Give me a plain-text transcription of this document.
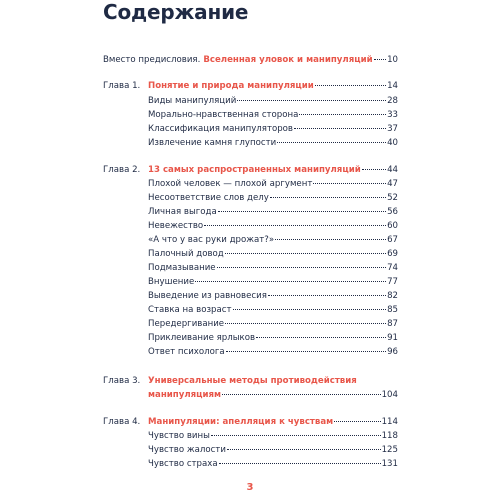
Содержание
Вместо предисловия. Вселенная уловок и манипуляций 10
Глава 1. Понятие и природа манипуляции	14
Виды манипуляций	28
Морально-нравственная сторона	33
Классификация манипуляторов	37
Извлечение камня глупости	40
Глава 2. 13 самых распространенных манипуляций	44
Плохой человек — плохой аргумент	47
Несоответствие слов делу	52
Личная выгода	56
Невежество	60
«А что у вас руки дрожат?»	67
Палочный довод	69
Подмазывание	74
Внушение	77
Выведение из равновесия	82
Ставка на возраст	85
Передергивание	87
Приклеивание ярлыков	91
Ответ психолога	96
Глава 3. Универсальные методы противодействия
манипуляциям	104
Глава 4. Манипуляции: апелляция к чувствам	114
Чувство вины	118
Чувство жалости	125
Чувство страха	131
3
